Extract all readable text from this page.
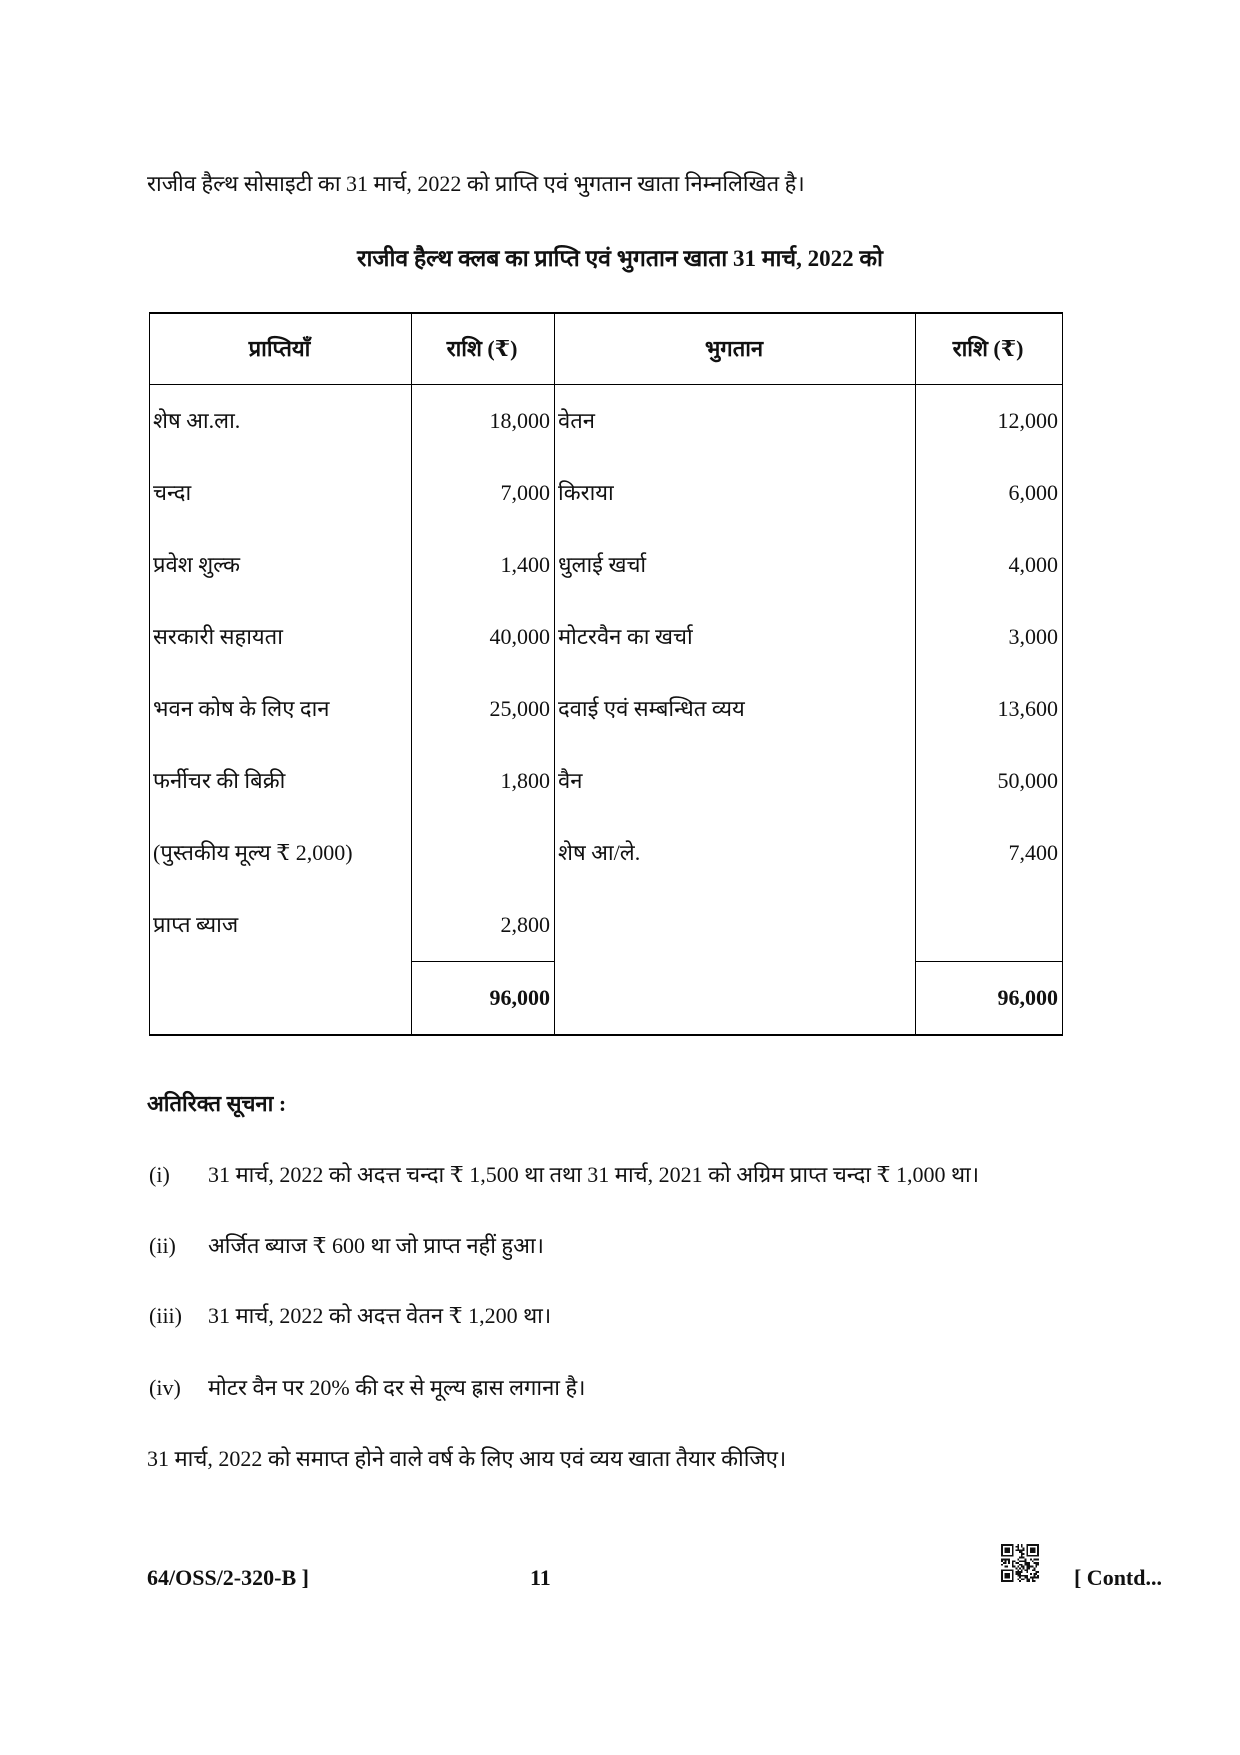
राजीव हैल्थ सोसाइटी का 31 मार्च, 2022 को प्राप्ति एवं भुगतान खाता निम्नलिखित है।
राजीव हैल्थ क्लब का प्राप्ति एवं भुगतान खाता 31 मार्च, 2022 को
प्राप्तियाँ	राशि (₹)	भुगतान	राशि (₹)
शेष आ.ला.	18,000	वेतन	12,000
चन्दा	7,000	किराया	6,000
प्रवेश शुल्क	1,400	धुलाई खर्चा	4,000
सरकारी सहायता	40,000	मोटरवैन का खर्चा	3,000
भवन कोष के लिए दान	25,000	दवाई एवं सम्बन्धित व्यय	13,600
फर्नीचर की बिक्री	1,800	वैन	50,000
(पुस्तकीय मूल्य ₹ 2,000)		शेष आ/ले.	7,400
प्राप्त ब्याज	2,800		
	96,000		96,000
अतिरिक्त सूचना :
(i)	31 मार्च, 2022 को अदत्त चन्दा ₹ 1,500 था तथा 31 मार्च, 2021 को अग्रिम प्राप्त चन्दा ₹ 1,000 था।
(ii)	अर्जित ब्याज ₹ 600 था जो प्राप्त नहीं हुआ।
(iii)	31 मार्च, 2022 को अदत्त वेतन ₹ 1,200 था।
(iv)	मोटर वैन पर 20% की दर से मूल्य ह्रास लगाना है।
31 मार्च, 2022 को समाप्त होने वाले वर्ष के लिए आय एवं व्यय खाता तैयार कीजिए।
64/OSS/2-320-B ]	11	[ Contd...
